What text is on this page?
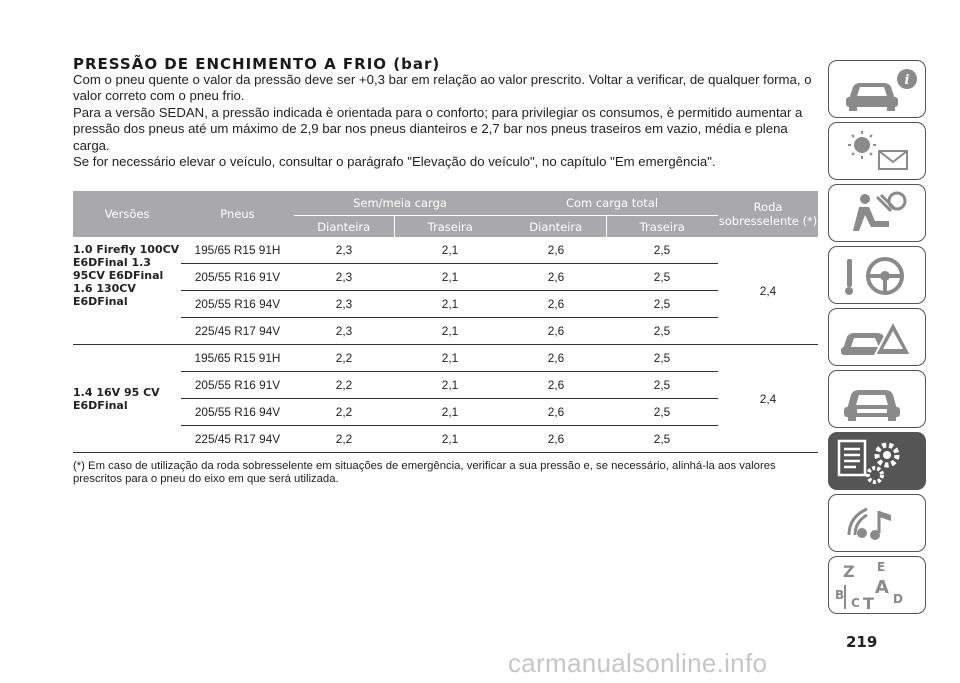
PRESSÃO DE ENCHIMENTO A FRIO (bar)

Com o pneu quente o valor da pressão deve ser +0,3 bar em relação ao valor prescrito. Voltar a verificar, de qualquer forma, o valor correto com o pneu frio.

Para a versão SEDAN, a pressão indicada è orientada para o conforto; para privilegiar os consumos, è permitido aumentar a pressão dos pneus até um máximo de 2,9 bar nos pneus dianteiros e 2,7 bar nos pneus traseiros em vazio, média e plena carga.

Se for necessário elevar o veículo, consultar o parágrafo "Elevação do veículo", no capítulo "Em emergência".

Versões	Pneus	Sem/meia carga		Com carga total		Roda sobresselente (*)
		Dianteira	Traseira	Dianteira	Traseira	
1.0 Firefly 100CV E6DFinal 1.3 95CV E6DFinal 1.6 130CV E6DFinal	195/65 R15 91H	2,3	2,1	2,6	2,5	2,4
	205/55 R16 91V	2,3	2,1	2,6	2,5	
	205/55 R16 94V	2,3	2,1	2,6	2,5	
	225/45 R17 94V	2,3	2,1	2,6	2,5	
1.4 16V 95 CV E6DFinal	195/65 R15 91H	2,2	2,1	2,6	2,5	2,4
	205/55 R16 91V	2,2	2,1	2,6	2,5	
	205/55 R16 94V	2,2	2,1	2,6	2,5	
	225/45 R17 94V	2,2	2,1	2,6	2,5	
(*) Em caso de utilização da roda sobresselente em situações de emergência, verificar a sua pressão e, se necessário, alinhá-la aos valores prescritos para o pneu do eixo em que será utilizada.
i
Z E
B A
C T D
219
carmanualsonline.info
